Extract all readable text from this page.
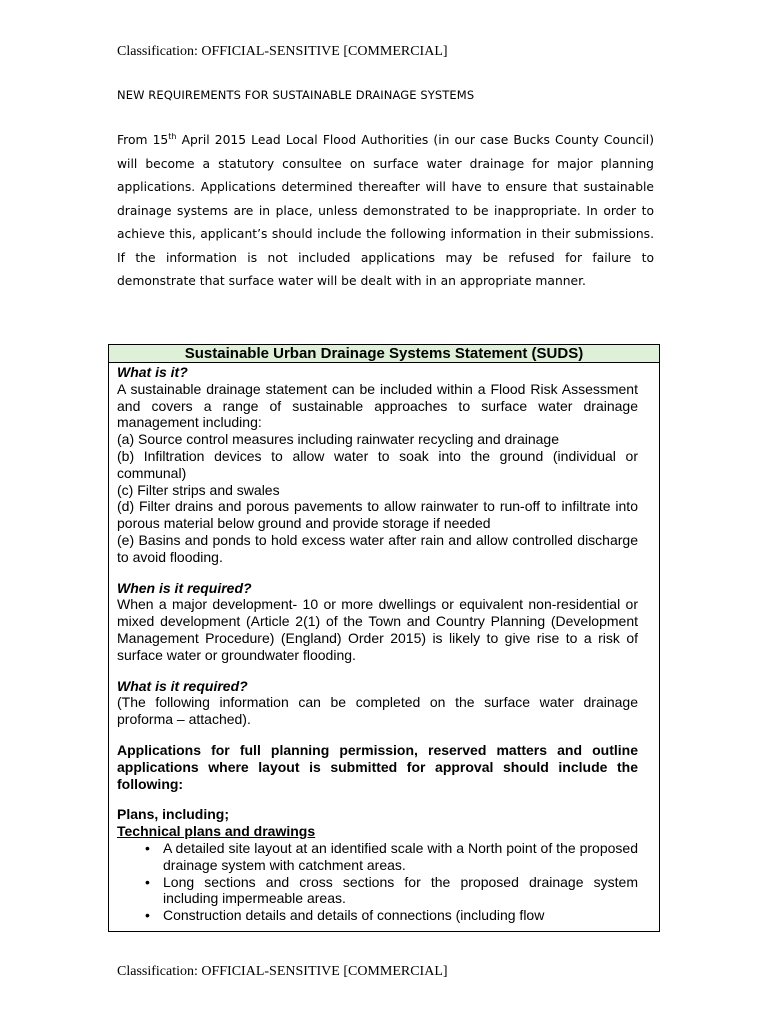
Classification: OFFICIAL-SENSITIVE [COMMERCIAL]
NEW REQUIREMENTS FOR SUSTAINABLE DRAINAGE SYSTEMS
From 15th April 2015 Lead Local Flood Authorities (in our case Bucks County Council) will become a statutory consultee on surface water drainage for major planning applications. Applications determined thereafter will have to ensure that sustainable drainage systems are in place, unless demonstrated to be inappropriate. In order to achieve this, applicant’s should include the following information in their submissions. If the information is not included applications may be refused for failure to demonstrate that surface water will be dealt with in an appropriate manner.
Sustainable Urban Drainage Systems Statement (SUDS)

What is it?

A sustainable drainage statement can be included within a Flood Risk Assessment and covers a range of sustainable approaches to surface water drainage management including:

(a) Source control measures including rainwater recycling and drainage

(b) Infiltration devices to allow water to soak into the ground (individual or communal)

(c) Filter strips and swales

(d) Filter drains and porous pavements to allow rainwater to run-off to infiltrate into porous material below ground and provide storage if needed

(e) Basins and ponds to hold excess water after rain and allow controlled discharge to avoid flooding.

When is it required?

When a major development- 10 or more dwellings or equivalent non-residential or mixed development (Article 2(1) of the Town and Country Planning (Development Management Procedure) (England) Order 2015) is likely to give rise to a risk of surface water or groundwater flooding.

What is it required?

(The following information can be completed on the surface water drainage proforma – attached).

Applications for full planning permission, reserved matters and outline applications where layout is submitted for approval should include the following:

Plans, including;

Technical plans and drawings

• A detailed site layout at an identified scale with a North point of the proposed drainage system with catchment areas.
• Long sections and cross sections for the proposed drainage system including impermeable areas.
• Construction details and details of connections (including flow
Classification: OFFICIAL-SENSITIVE [COMMERCIAL]
